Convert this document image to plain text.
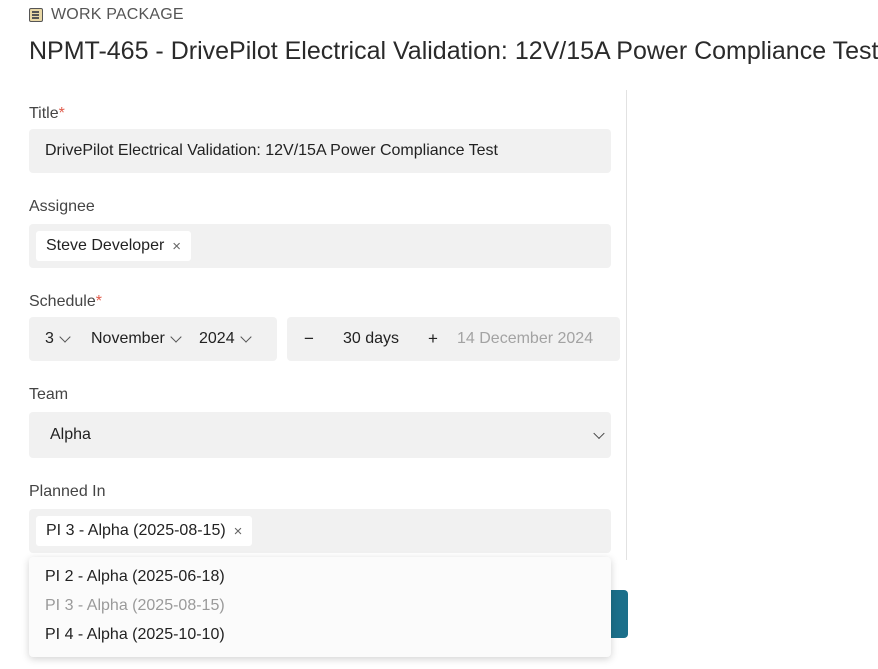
WORK PACKAGE
NPMT-465 - DrivePilot Electrical Validation: 12V/15A Power Compliance Test
Title*
DrivePilot Electrical Validation: 12V/15A Power Compliance Test
Assignee
Steve Developer ×
Schedule*
3 November 2024	− 30 days + 14 December 2024
Team
Alpha
Planned In
PI 3 - Alpha (2025-08-15) ×
PI 2 - Alpha (2025-06-18)
PI 3 - Alpha (2025-08-15)
PI 4 - Alpha (2025-10-10)
